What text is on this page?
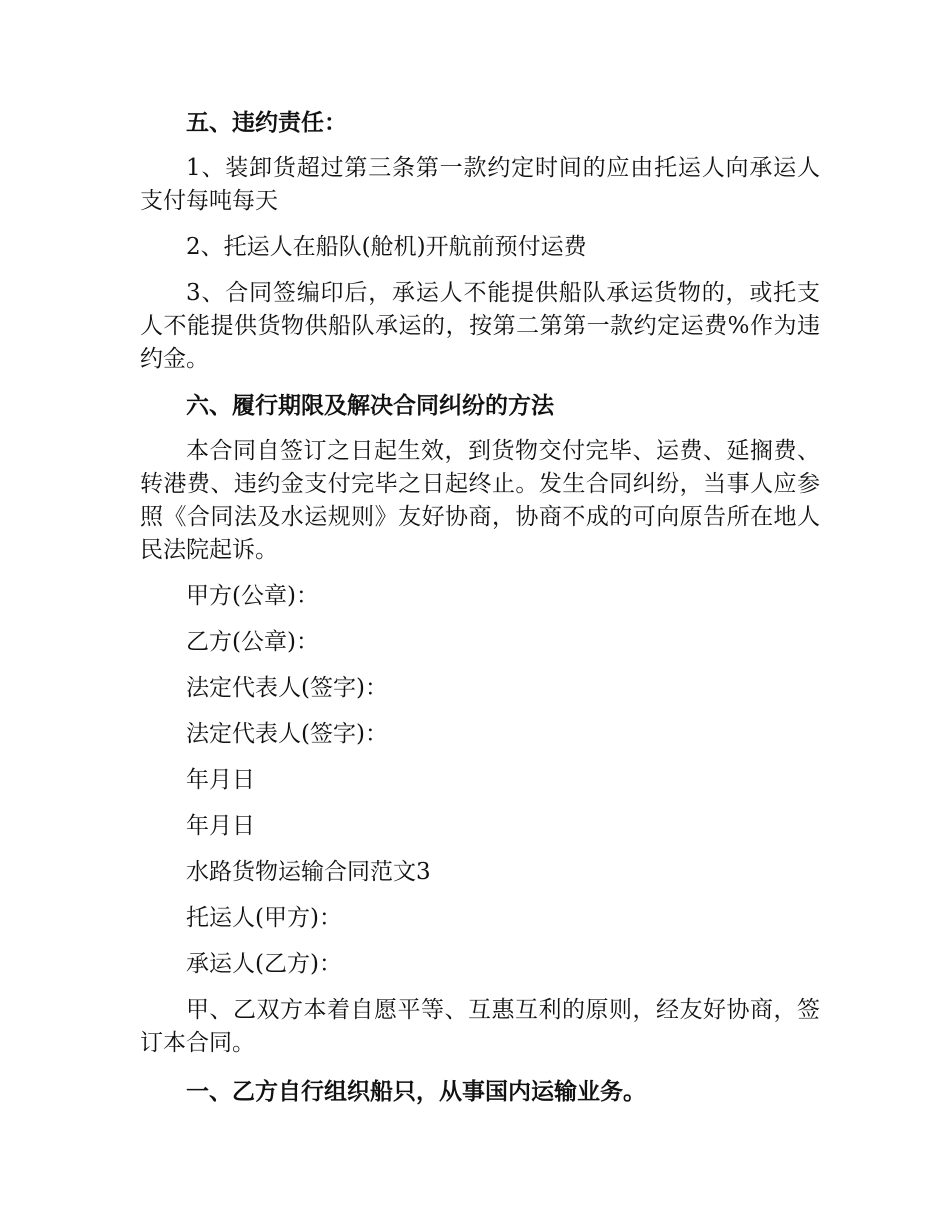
五、违约责任：

1、装卸货超过第三条第一款约定时间的应由托运人向承运人支付每吨每天

2、托运人在船队(舱机)开航前预付运费

3、合同签编印后，承运人不能提供船队承运货物的，或托支人不能提供货物供船队承运的，按第二第第一款约定运费%作为违约金。

六、履行期限及解决合同纠纷的方法

本合同自签订之日起生效，到货物交付完毕、运费、延搁费、转港费、违约金支付完毕之日起终止。发生合同纠纷，当事人应参照《合同法及水运规则》友好协商，协商不成的可向原告所在地人民法院起诉。

甲方(公章)：

乙方(公章)：

法定代表人(签字)：

法定代表人(签字)：

年月日

年月日

水路货物运输合同范文3

托运人(甲方)：

承运人(乙方)：

甲、乙双方本着自愿平等、互惠互利的原则，经友好协商，签订本合同。

一、乙方自行组织船只，从事国内运输业务。
